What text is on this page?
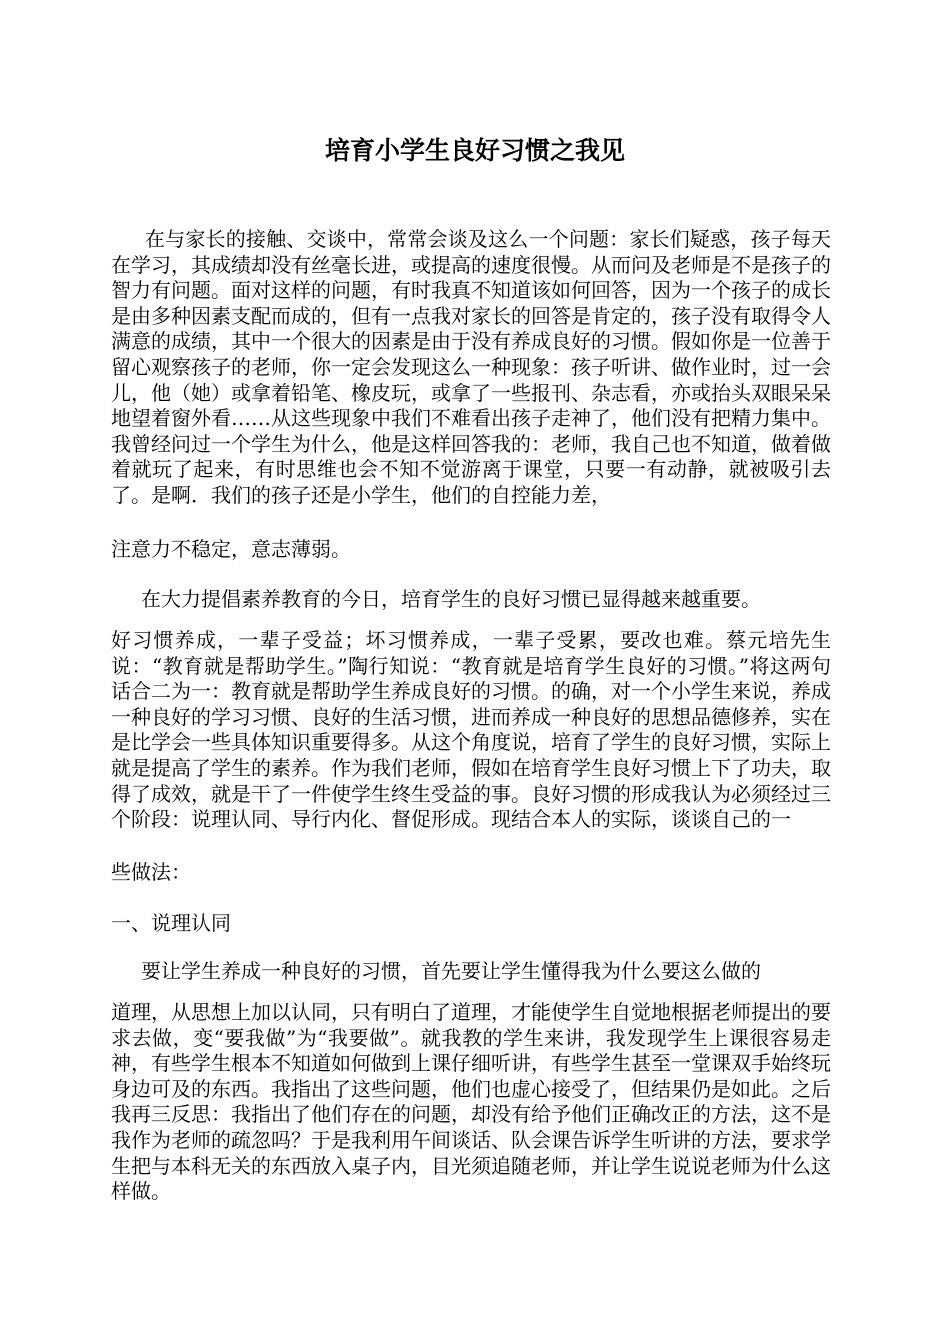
培育小学生良好习惯之我见

在与家长的接触、交谈中，常常会谈及这么一个问题：家长们疑惑，孩子每天在学习，其成绩却没有丝毫长进，或提高的速度很慢。从而问及老师是不是孩子的智力有问题。面对这样的问题，有时我真不知道该如何回答，因为一个孩子的成长是由多种因素支配而成的，但有一点我对家长的回答是肯定的，孩子没有取得令人满意的成绩，其中一个很大的因素是由于没有养成良好的习惯。假如你是一位善于留心观察孩子的老师，你一定会发现这么一种现象：孩子听讲、做作业时，过一会儿，他（她）或拿着铅笔、橡皮玩，或拿了一些报刊、杂志看，亦或抬头双眼呆呆地望着窗外看……从这些现象中我们不难看出孩子走神了，他们没有把精力集中。我曾经问过一个学生为什么，他是这样回答我的：老师，我自己也不知道，做着做着就玩了起来，有时思维也会不知不觉游离于课堂，只要一有动静，就被吸引去了。是啊．我们的孩子还是小学生，他们的自控能力差，

注意力不稳定，意志薄弱。

在大力提倡素养教育的今日，培育学生的良好习惯已显得越来越重要。

好习惯养成，一辈子受益；坏习惯养成，一辈子受累，要改也难。蔡元培先生说：“教育就是帮助学生。”陶行知说：“教育就是培育学生良好的习惯。”将这两句话合二为一：教育就是帮助学生养成良好的习惯。的确，对一个小学生来说，养成一种良好的学习习惯、良好的生活习惯，进而养成一种良好的思想品德修养，实在是比学会一些具体知识重要得多。从这个角度说，培育了学生的良好习惯，实际上就是提高了学生的素养。作为我们老师，假如在培育学生良好习惯上下了功夫，取得了成效，就是干了一件使学生终生受益的事。良好习惯的形成我认为必须经过三个阶段：说理认同、导行内化、督促形成。现结合本人的实际，谈谈自己的一

些做法：

一、说理认同

要让学生养成一种良好的习惯，首先要让学生懂得我为什么要这么做的

道理，从思想上加以认同，只有明白了道理，才能使学生自觉地根据老师提出的要求去做，变“要我做”为“我要做”。就我教的学生来讲，我发现学生上课很容易走神，有些学生根本不知道如何做到上课仔细听讲，有些学生甚至一堂课双手始终玩身边可及的东西。我指出了这些问题，他们也虚心接受了，但结果仍是如此。之后我再三反思：我指出了他们存在的问题，却没有给予他们正确改正的方法，这不是我作为老师的疏忽吗？于是我利用午间谈话、队会课告诉学生听讲的方法，要求学生把与本科无关的东西放入桌子内，目光须追随老师，并让学生说说老师为什么这样做。
